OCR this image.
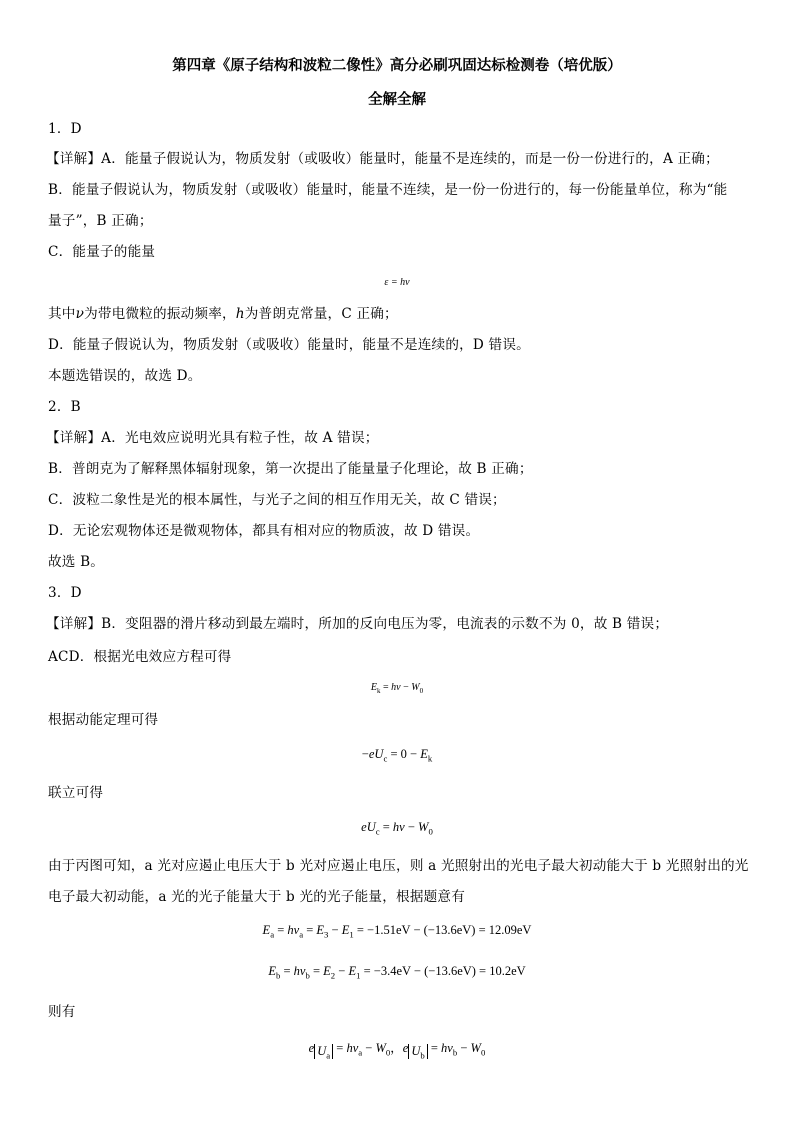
第四章《原子结构和波粒二像性》高分必刷巩固达标检测卷（培优版）
全解全解
1．D
【详解】A．能量子假说认为，物质发射（或吸收）能量时，能量不是连续的，而是一份一份进行的，A 正确；
B．能量子假说认为，物质发射（或吸收）能量时，能量不连续，是一份一份进行的，每一份能量单位，称为“能
量子”，B 正确；
C．能量子的能量
ε = hν
其中ν为带电微粒的振动频率，h为普朗克常量，C 正确；
D．能量子假说认为，物质发射（或吸收）能量时，能量不是连续的，D 错误。
本题选错误的，故选 D。
2．B
【详解】A．光电效应说明光具有粒子性，故 A 错误；
B．普朗克为了解释黑体辐射现象，第一次提出了能量量子化理论，故 B 正确；
C．波粒二象性是光的根本属性，与光子之间的相互作用无关，故 C 错误；
D．无论宏观物体还是微观物体，都具有相对应的物质波，故 D 错误。
故选 B。
3．D
【详解】B．变阻器的滑片移动到最左端时，所加的反向电压为零，电流表的示数不为 0，故 B 错误；
ACD．根据光电效应方程可得
$E_k = h\nu - W_0$
根据动能定理可得
$-eU_c = 0 - E_k$
联立可得
$eU_c = h\nu - W_0$
由于丙图可知，a 光对应遏止电压大于 b 光对应遏止电压，则 a 光照射出的光电子最大初动能大于 b 光照射出的光
电子最大初动能，a 光的光子能量大于 b 光的光子能量，根据题意有
$E_a = h\nu_a = E_3 - E_1 = -1.51eV - (-13.6eV) = 12.09eV$
$E_b = h\nu_b = E_2 - E_1 = -3.4eV - (-13.6eV) = 10.2eV$
则有
e $U_a = h\nu_a - W_0$，e $U_b = h\nu_b - W_0$
